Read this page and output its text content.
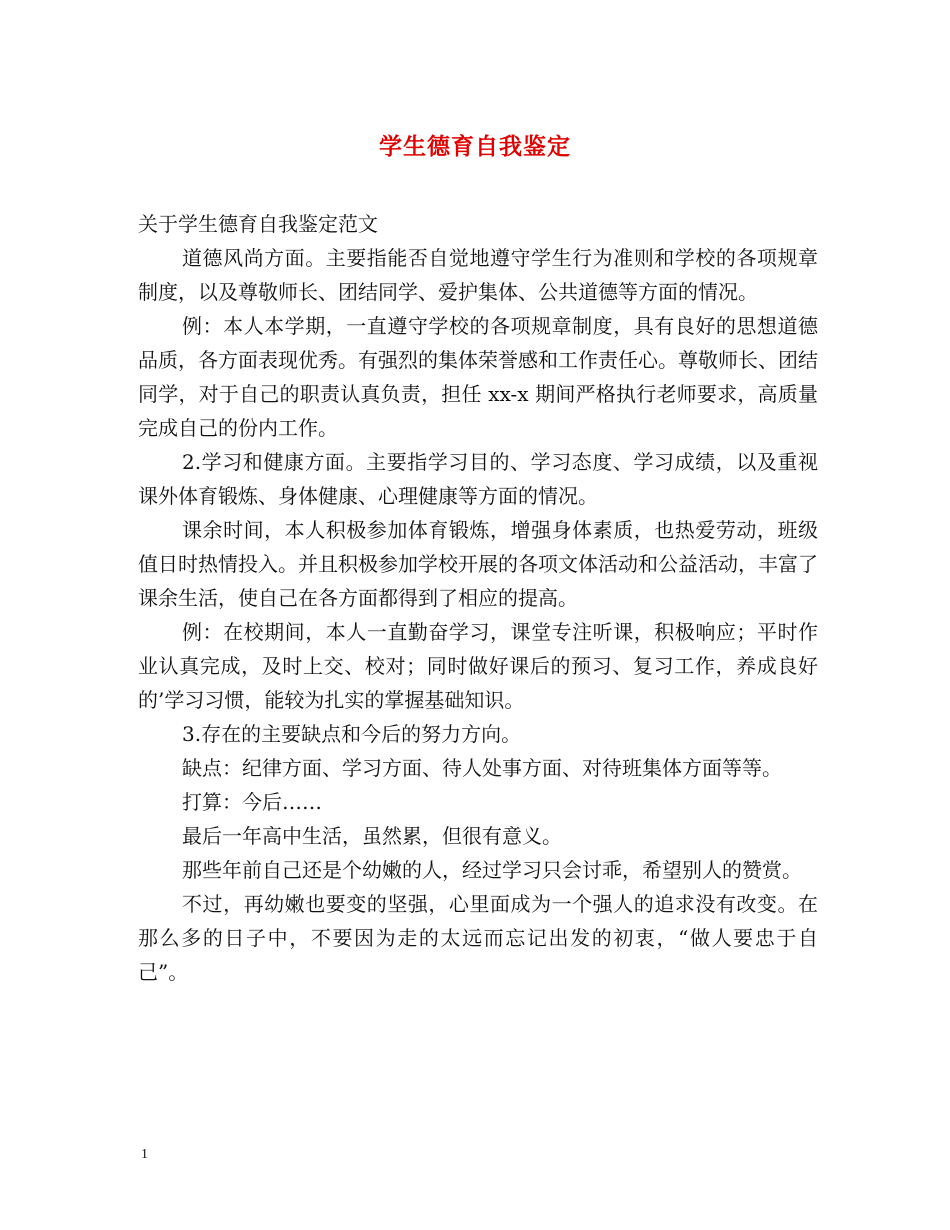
学生德育自我鉴定

关于学生德育自我鉴定范文

道德风尚方面。主要指能否自觉地遵守学生行为准则和学校的各项规章制度，以及尊敬师长、团结同学、爱护集体、公共道德等方面的情况。

例：本人本学期，一直遵守学校的各项规章制度，具有良好的思想道德品质，各方面表现优秀。有强烈的集体荣誉感和工作责任心。尊敬师长、团结同学，对于自己的职责认真负责，担任 xx-x 期间严格执行老师要求，高质量完成自己的份内工作。

2.学习和健康方面。主要指学习目的、学习态度、学习成绩，以及重视课外体育锻炼、身体健康、心理健康等方面的情况。

课余时间，本人积极参加体育锻炼，增强身体素质，也热爱劳动，班级值日时热情投入。并且积极参加学校开展的各项文体活动和公益活动，丰富了课余生活，使自己在各方面都得到了相应的提高。

例：在校期间，本人一直勤奋学习，课堂专注听课，积极响应；平时作业认真完成，及时上交、校对；同时做好课后的预习、复习工作，养成良好的’学习习惯，能较为扎实的掌握基础知识。

3.存在的主要缺点和今后的努力方向。

缺点：纪律方面、学习方面、待人处事方面、对待班集体方面等等。

打算：今后……

最后一年高中生活，虽然累，但很有意义。

那些年前自己还是个幼嫩的人，经过学习只会讨乖，希望别人的赞赏。

不过，再幼嫩也要变的坚强，心里面成为一个强人的追求没有改变。在那么多的日子中，不要因为走的太远而忘记出发的初衷，“做人要忠于自己”。

1
